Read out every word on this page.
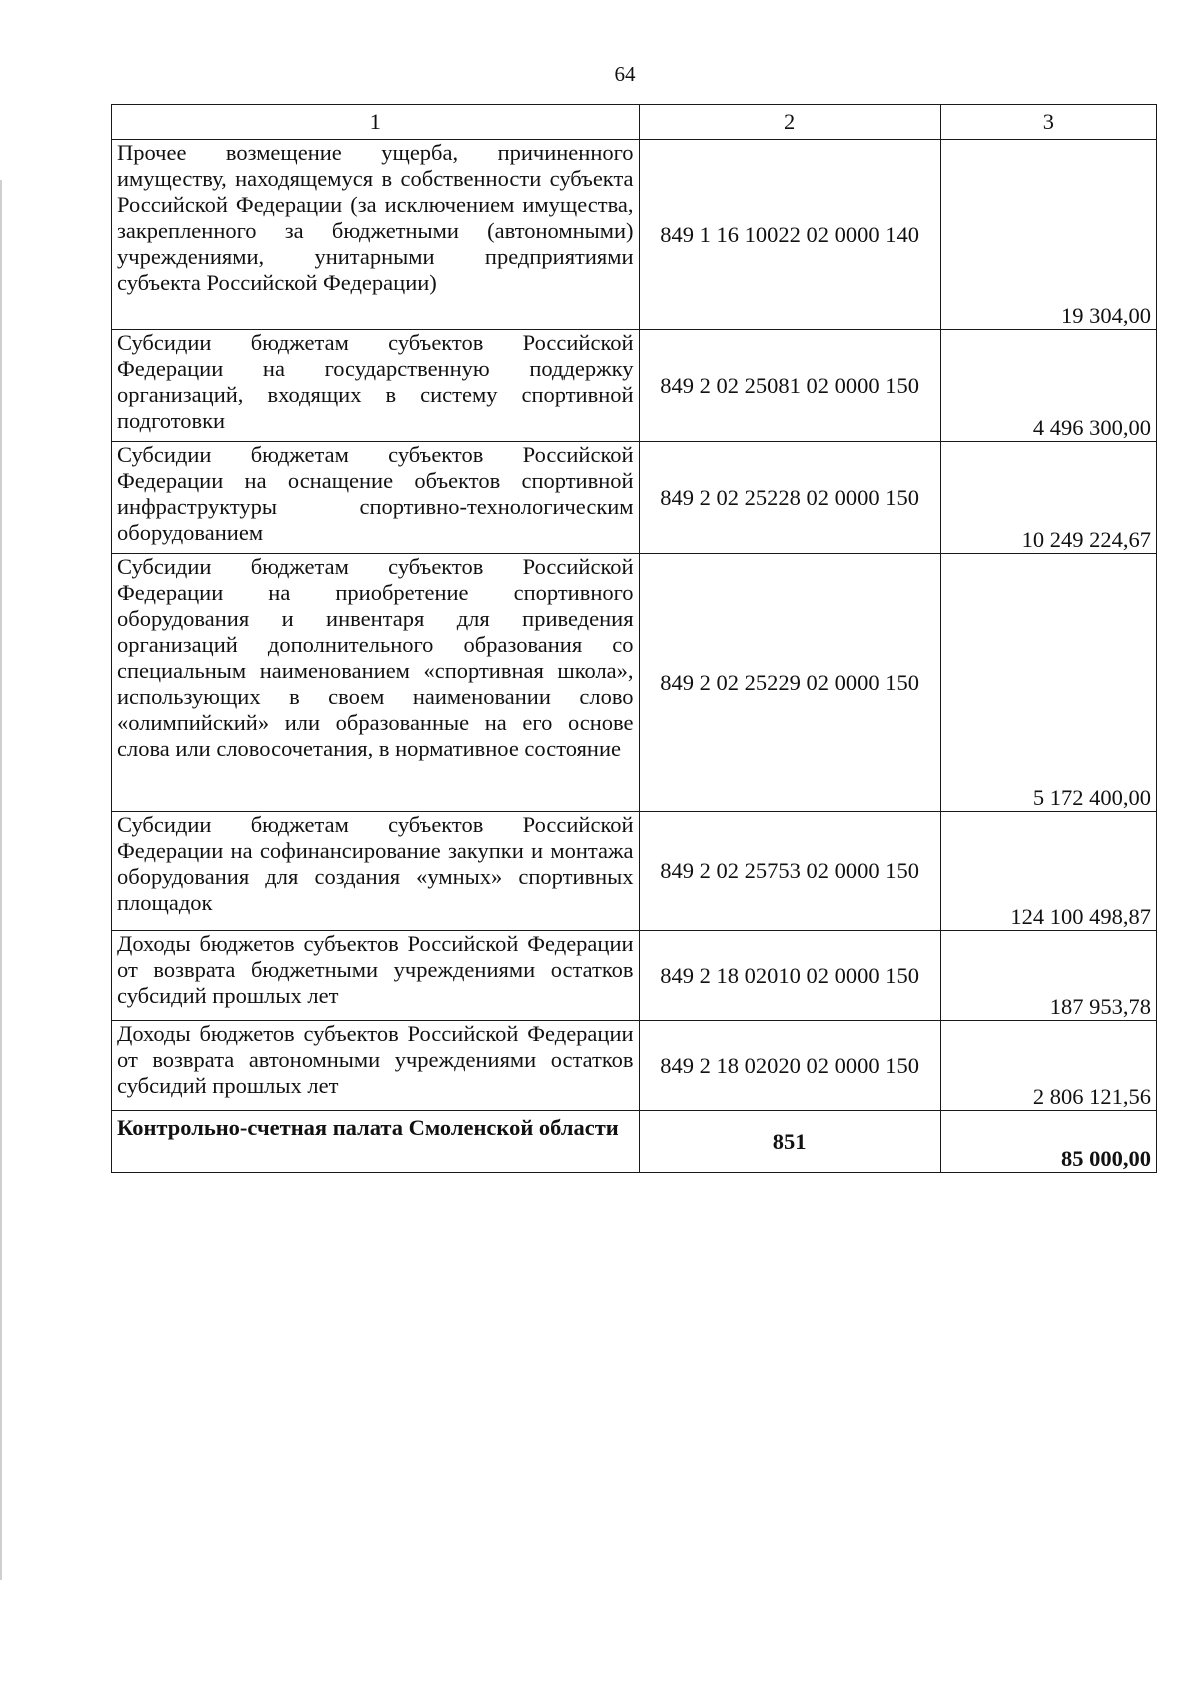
64
1	2	3
Прочее возмещение ущерба, причиненного имуществу, находящемуся в собственности субъекта Российской Федерации (за исключением имущества, закрепленного за бюджетными (автономными) учреждениями, унитарными предприятиями субъекта Российской Федерации)	849 1 16 10022 02 0000 140	19 304,00
Субсидии бюджетам субъектов Российской Федерации на государственную поддержку организаций, входящих в систему спортивной подготовки	849 2 02 25081 02 0000 150	4 496 300,00
Субсидии бюджетам субъектов Российской Федерации на оснащение объектов спортивной инфраструктуры спортивно-технологическим оборудованием	849 2 02 25228 02 0000 150	10 249 224,67
Субсидии бюджетам субъектов Российской Федерации на приобретение спортивного оборудования и инвентаря для приведения организаций дополнительного образования со специальным наименованием «спортивная школа», использующих в своем наименовании слово «олимпийский» или образованные на его основе слова или словосочетания, в нормативное состояние	849 2 02 25229 02 0000 150	5 172 400,00
Субсидии бюджетам субъектов Российской Федерации на софинансирование закупки и монтажа оборудования для создания «умных» спортивных площадок	849 2 02 25753 02 0000 150	124 100 498,87
Доходы бюджетов субъектов Российской Федерации от возврата бюджетными учреждениями остатков субсидий прошлых лет	849 2 18 02010 02 0000 150	187 953,78
Доходы бюджетов субъектов Российской Федерации от возврата автономными учреждениями остатков субсидий прошлых лет	849 2 18 02020 02 0000 150	2 806 121,56
Контрольно-счетная палата Смоленской области	851	85 000,00
